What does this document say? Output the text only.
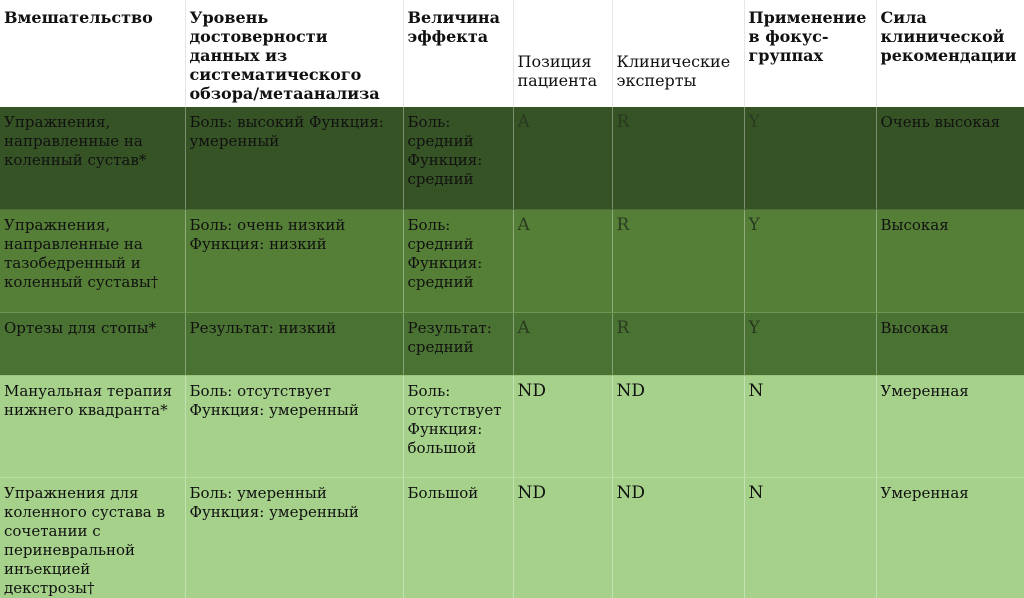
Вмешательство	Уровень достоверности данных из систематического обзора/метаанализа	Величина эффекта	Позиция пациента	Клинические эксперты	Применение в фокус-группах	Сила клинической рекомендации
Упражнения, направленные на коленный сустав*	Боль: высокий Функция: умеренный	Боль: средний Функция: средний	A	R	Y	Очень высокая
Упражнения, направленные на тазобедренный и коленный суставы†	Боль: очень низкий Функция: низкий	Боль: средний Функция: средний	A	R	Y	Высокая
Ортезы для стопы*	Результат: низкий	Результат: средний	A	R	Y	Высокая
Мануальная терапия нижнего квадранта*	Боль: отсутствует Функция: умеренный	Боль: отсутствует Функция: большой	ND	ND	N	Умеренная
Упражнения для коленного сустава в сочетании с периневральной инъекцией декстрозы†	Боль: умеренный Функция: умеренный	Большой	ND	ND	N	Умеренная
